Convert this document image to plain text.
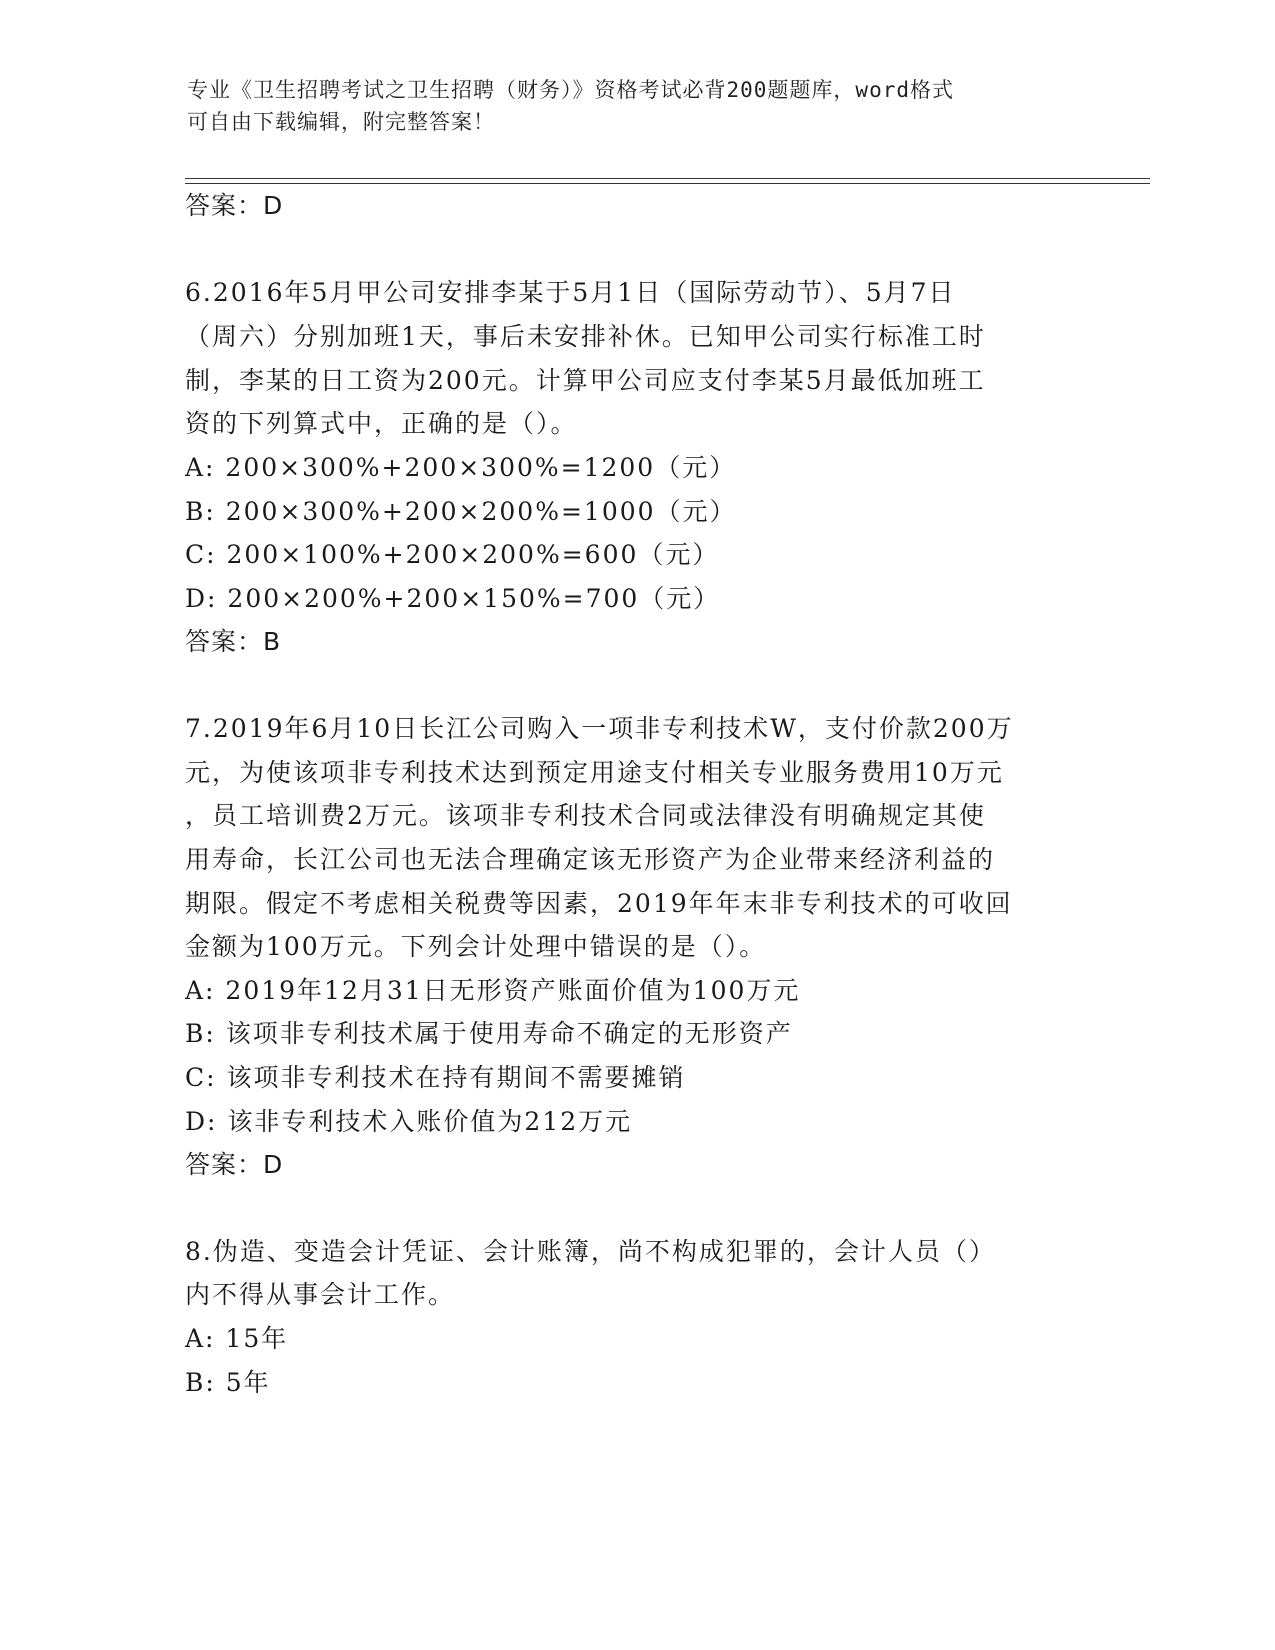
专业《卫生招聘考试之卫生招聘（财务）》资格考试必背200题题库，word格式
可自由下载编辑，附完整答案！
答案：D
6.2016年5月甲公司安排李某于5月1日（国际劳动节）、5月7日
（周六）分别加班1天，事后未安排补休。已知甲公司实行标准工时
制，李某的日工资为200元。计算甲公司应支付李某5月最低加班工
资的下列算式中，正确的是（）。
A: 200×300%+200×300%=1200（元）
B: 200×300%+200×200%=1000（元）
C: 200×100%+200×200%=600（元）
D: 200×200%+200×150%=700（元）
答案：B
7.2019年6月10日长江公司购入一项非专利技术W，支付价款200万
元，为使该项非专利技术达到预定用途支付相关专业服务费用10万元
，员工培训费2万元。该项非专利技术合同或法律没有明确规定其使
用寿命，长江公司也无法合理确定该无形资产为企业带来经济利益的
期限。假定不考虑相关税费等因素，2019年年末非专利技术的可收回
金额为100万元。下列会计处理中错误的是（）。
A: 2019年12月31日无形资产账面价值为100万元
B: 该项非专利技术属于使用寿命不确定的无形资产
C: 该项非专利技术在持有期间不需要摊销
D: 该非专利技术入账价值为212万元
答案：D
8.伪造、变造会计凭证、会计账簿，尚不构成犯罪的，会计人员（）
内不得从事会计工作。
A: 15年
B: 5年
